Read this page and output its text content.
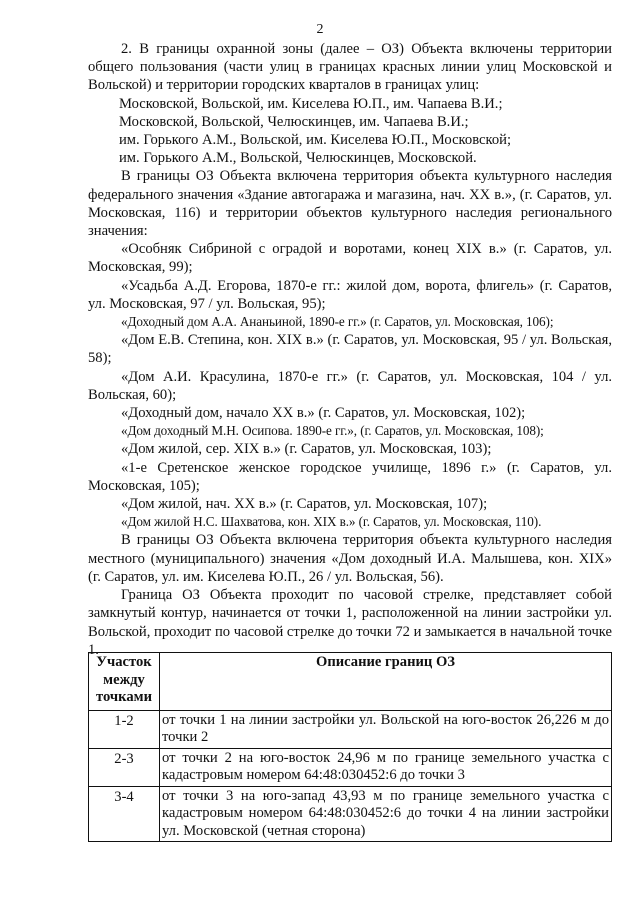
2

2. В границы охранной зоны (далее – ОЗ) Объекта включены территории общего пользования (части улиц в границах красных линии улиц Московской и Вольской) и территории городских кварталов в границах улиц:

Московской, Вольской, им. Киселева Ю.П., им. Чапаева В.И.;

Московской, Вольской, Челюскинцев, им. Чапаева В.И.;

им. Горького А.М., Вольской, им. Киселева Ю.П., Московской;

им. Горького А.М., Вольской, Челюскинцев, Московской.

В границы ОЗ Объекта включена территория объекта культурного наследия федерального значения «Здание автогаража и магазина, нач. XX в.», (г. Саратов, ул. Московская, 116) и территории объектов культурного наследия регионального значения:

«Особняк Сибриной с оградой и воротами, конец XIX в.» (г. Саратов, ул. Московская, 99);

«Усадьба А.Д. Егорова, 1870-е гг.: жилой дом, ворота, флигель» (г. Саратов, ул. Московская, 97 / ул. Вольская, 95);

«Доходный дом А.А. Ананьиной, 1890-е гг.» (г. Саратов, ул. Московская, 106);

«Дом Е.В. Степина, кон. XIX в.» (г. Саратов, ул. Московская, 95 / ул. Вольская, 58);

«Дом А.И. Красулина, 1870-е гг.» (г. Саратов, ул. Московская, 104 / ул. Вольская, 60);

«Доходный дом, начало XX в.» (г. Саратов, ул. Московская, 102);

«Дом доходный М.Н. Осипова. 1890-е гг.», (г. Саратов, ул. Московская, 108);

«Дом жилой, сер. XIX в.» (г. Саратов, ул. Московская, 103);

«1-е Сретенское женское городское училище, 1896 г.» (г. Саратов, ул. Московская, 105);

«Дом жилой, нач. XX в.» (г. Саратов, ул. Московская, 107);

«Дом жилой Н.С. Шахватова, кон. XIX в.» (г. Саратов, ул. Московская, 110).

В границы ОЗ Объекта включена территория объекта культурного наследия местного (муниципального) значения «Дом доходный И.А. Малышева, кон. XIX» (г. Саратов, ул. им. Киселева Ю.П., 26 / ул. Вольская, 56).

Граница ОЗ Объекта проходит по часовой стрелке, представляет собой замкнутый контур, начинается от точки 1, расположенной на линии застройки ул. Вольской, проходит по часовой стрелке до точки 72 и замыкается в начальной точке 1.

Участок между точками	Описание границ ОЗ
1-2	от точки 1 на линии застройки ул. Вольской на юго-восток 26,226 м до точки 2
2-3	от точки 2 на юго-восток 24,96 м по границе земельного участка с кадастровым номером 64:48:030452:6 до точки 3
3-4	от точки 3 на юго-запад 43,93 м по границе земельного участка с кадастровым номером 64:48:030452:6 до точки 4 на линии застройки ул. Московской (четная сторона)
